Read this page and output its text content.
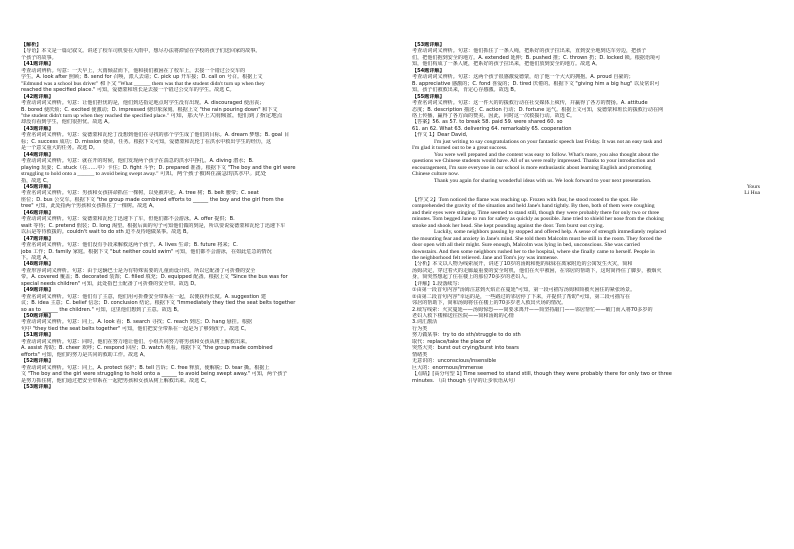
【解析】
【导语】本文是一篇记叙文。讲述了校车司机要在大雨中，想尽办法将滞留在学校的孩子们送回家的故事。
个孩子的故事。
【41题详解】
考查动词辨析。句意：一天早上，大雨倾盆而下，他和我们被困在了校车上，去接一个错过公交车的
学生。A. look after 照顾；B. send for 召唤，派人去请；C. pick up 开车接；D. call on 号召。根据上文
"Edmund was a school bus driver" 和下文 "What ______ them was that the student didn't turn up when they
reached the specified place." 可知，爱德蒙和班长是去接一个错过公交车的学生。故选 C。
【42题详解】
考查动词词义辨析。句意：让他们担忧的是，他们到达指定地点时学生没有出现。A. discouraged 使沮丧；
B. bored 使厌烦；C. excited 使激动；D. impressed 使印象深刻。根据上文 "the rain pouring down" 和下文
"the student didn't turn up when they reached the specified place." 可知，那天早上大雨倾盆，他们到了指定地点
却没有看到学生，他们很担忧。故选 A。
【43题详解】
考查名词词义辨析。句意：爱德蒙和瓦伦丁没想到他们在寻找的那个学生成了他们的目标。A. dream 梦想；B. goal 目
标；C. success 成功；D. mission 使命，任务。根据下文可知，爱德蒙和瓦伦丁在洪水中救出学生的经历，这
是一个意义重大的任务。故选 D。
【44题详解】
考查动词词义辨析。句意：就在开的时候，他们发现两个孩子在湍急的洪水中挣扎。A. diving 潜水；B.
playing 玩耍；C. stuck（在……中）卡住；D. fight 斗争；D. prepared 准备。根据下文 "The boy and the girl were
struggling to hold onto a ______ to avoid being swept away." 可知，两个孩子被困在湍急的洪水中。此处
指，故选 C。
【45题详解】
考查名词词义辨析。句意：男孩和女孩拼命抓住一棵树，以免被冲走。A. tree 树；B. belt 腰带；C. seat
座位；D. bus 公交车。根据下文 "the group made combined efforts to ______ the boy and the girl from the
tree" 可知，此处指两个男孩和女孩抓住了一棵树。故选 A。
【46题详解】
考查动词词义辨析。句意：爱德蒙和瓦伦丁迅速下了车，但他们都不会游泳。A. offer 提供；B.
wait 等待；C. pretend 假装；D. long 渴望。根据后面的句子可知他们做的到是，所以要说爱德蒙和瓦伦丁迅速下车
以后是等待救援的。couldn't wait to do sth 迫不及待地做某事。故选 B。
【47题详解】
考查名词词义辨析。句意：他们没有手段来解救这两个孩子。A. lives 生命；B. future 将来；C.
jobs 工作；D. family 家庭。根据下文 "but neither could swim" 可知，他们都不会游泳，在如此危急的情况
下。故选 A。
【48题详解】
考查形容词词义辨析。句意：由于这辆巴士是为有特殊需要的儿童而设计的，所以它配备了可折叠的安全
带。A. covered 覆盖；B. decorated 装饰；C. filled 填充；D. equipped 配备。根据上文 "Since the bus was for
special needs children" 可知，此处指巴士配备了可折叠的安全带。故选 D。
【49题详解】
考查名词词义辨析。句意：他们有了主意，他们用可折叠安全带系在一起，以便获得长度。A. suggestion 建
议；B. idea 主意；C. belief 信念；D. conclusion 结论。根据下文 "Immediately they tied the seat belts together
so as to ______ the children." 可知，这里他们想到了主意。故选 B。
【50题详解】
考查动词词义辨析。句意：同上。A. look 看；B. search 寻找；C. reach 到达；D. hang 悬挂。根据
句中 "they tied the seat belts together" 可知，他们把安全带系在一起是为了够到孩子。故选 C。
【51题详解】
考查动词词义辨析。句意：同时，他们在努力地让他们，小组共同努力将男孩和女孩从树上解救出来。
A. assist 帮助；B. cheer 欢呼；C. respond 回应；D. watch 观看。根据下文 "the group made combined
efforts" 可知，他们的努力是共同的救助工作。故选 A。
【52题详解】
考查动词词义辨析。句意：同上。A. protect 保护；B. tell 告诉；C. free 释放，使解脱；D. tear 撕。根据上
文 "The boy and the girl were struggling to hold onto a ______ to avoid being swept away." 可知，两个孩子
是努力抓住树，他们通过把安全带系在一起把男孩和女孩从树上解救出来。故选 C。
【53题详解】
【53题详解】
考查动词词义辨析。句意：他们抓住了一条人绳，把系好的孩子拉出来，直到安全地到达车旁边，把孩子
们，把他们抱到安全的地方。A. extended 延伸；B. pushed 推；C. thrown 扔；D. locked 锁。根据语境可
知，他们构成了一条人链，把系好的孩子拉出来，把他们放到安全的地方。故选 A。
【54题详解】
考查动词词义辨析。句意：这两个孩子很感激爱德蒙，给了他一个大大的拥抱。A. proud 自豪的；
B. appreciative 感激的；C. fond 喜爱的；D. tired 厌倦的。根据下文 "giving him a big hug" 以及常识可
知，孩子们被救出来，肯定心存感激。故选 B。
【55题详解】
考查名词词义辨析。句意：这一件大的的援救行动在社交媒体上疯传，并赢得了各方的赞扬。A. attitude
态度；B. description 描述；C. action 行动；D. fortune 运气。根据上文可知，爱德蒙和班长的援救行动在网
络上传播，赢得了各方面的赞美。因此，同时这一次救援行动。故选 C。
【答案】56. as 57. to break 58. paid 59. were shared 60. so
61. an 62. What 63. delivering 64. remarkably 65. cooperation
【作文 1】Dear David,
I'm just writing to say congratulations on your fantastic speech last Friday. It was not an easy task and
I'm glad it turned out to be a great success.
You were well prepared and the content was easy to follow. What's more, you also thought about the
questions we Chinese students would have. All of us were really impressed. Thanks to your introduction and
encouragement, I'm sure everyone in our school is more enthusiastic about learning English and promoting
Chinese culture now.
Thank you again for sharing wonderful ideas with us. We look forward to your next presentation.
Yours
Li Hua
【作文 2】Tom noticed the flame was reaching up. Frozen with fear, he stood rooted to the spot. He
comprehended the gravity of the situation and held Jane's hand tightly. By then, both of them were coughing
and their eyes were stinging. Time seemed to stand still, though they were probably there for only two or three
minutes. Tom begged Jane to run for safety as quickly as possible. Jane tried to shield her nose from the choking
smoke and shook her head. She kept pounding against the door. Tom burst out crying.
Luckily, some neighbors passing by stopped and offered help. A sense of strength immediately replaced
the mounting fear and anxiety in Jane's mind. She told them Malcolm must be still in the room. They forced the
door open with all their might. Sure enough, Malcolm was lying in bed, unconscious. She was carried
downstairs. And then some neighbors rushed her to the hospital, where she finally came to herself. People in
the neighborhood felt relieved. Jane and Tom's joy was immense.
【分析】本文以人物为线索展开，讲述了10岁的汤姆和他的妹妹在离家附近的公寓发生火灾，简和
汤姆决定，穿过着火的走廊最重要的安全时机，他们在火中被困，在邻居的帮助下，这时简得住了脚步，被烟火
身，简突然想起了住在楼上的那位70多岁的老妇人。
【详解】1.段落续写:
①由第一段首句内容"汤姆注意到火焰正在蔓延"可知，第一段可描写汤姆和简被火困住的紧张场景。
②由第二段首句内容"幸运的是，一些路过的邻居停了下来，并提供了帮助"可知，第二段可描写在
邻居的帮助下，简和汤姆将住在楼上的70多岁老人救出火场的情况。
2.续写线索：火灾蔓延——汤姆惊恐——简要求离开——简坚持敲门——邻居帮忙——破门而入将70多岁的
老妇人救下楼梯送往医院——简和汤姆的心情
3.词汇激活
行为类
努力做某事：try to do sth/struggle to do sth
取代：replace/take the place of
突然大哭：burst out crying/burst into tears
情绪类
无意识的：unconscious/insensible
巨大的：enormous/immense
【点睛】[高分句型 1] Time seemed to stand still, though they were probably there for only two or three
minutes. （由 though 引导的让步状语从句）
